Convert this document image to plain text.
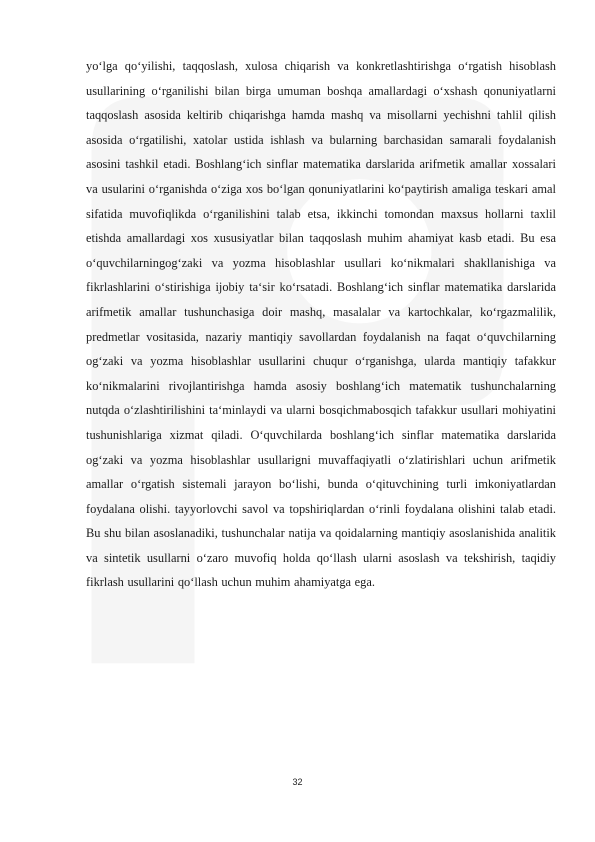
yo‘lga qo‘yilishi, taqqoslash, xulosa chiqarish va konkretlashtirishga o‘rgatish hisoblash usullarining o‘rganilishi bilan birga umuman boshqa amallardagi o‘xshash qonuniyatlarni taqqoslash asosida keltirib chiqarishga hamda mashq va misollarni yechishni tahlil qilish asosida o‘rgatilishi, xatolar ustida ishlash va bularning barchasidan samarali foydalanish asosini tashkil etadi. Boshlang‘ich sinflar matematika darslarida arifmetik amallar xossalari va usularini o‘rganishda o‘ziga xos bo‘lgan qonuniyatlarini ko‘paytirish amaliga teskari amal sifatida muvofiqlikda o‘rganilishini talab etsa, ikkinchi tomondan maxsus hollarni taxlil etishda amallardagi xos xususiyatlar bilan taqqoslash muhim ahamiyat kasb etadi. Bu esa o‘quvchilarningog‘zaki va yozma hisoblashlar usullari ko‘nikmalari shakllanishiga va fikrlashlarini o‘stirishiga ijobiy ta‘sir ko‘rsatadi. Boshlang‘ich sinflar matematika darslarida arifmetik amallar tushunchasiga doir mashq, masalalar va kartochkalar, ko‘rgazmalilik, predmetlar vositasida, nazariy mantiqiy savollardan foydalanish na faqat o‘quvchilarning og‘zaki va yozma hisoblashlar usullarini chuqur o‘rganishga, ularda mantiqiy tafakkur ko‘nikmalarini rivojlantirishga hamda asosiy boshlang‘ich matematik tushunchalarning nutqda o‘zlashtirilishini ta‘minlaydi va ularni bosqichmabosqich tafakkur usullari mohiyatini tushunishlariga xizmat qiladi. O‘quvchilarda boshlang‘ich sinflar matematika darslarida og‘zaki va yozma hisoblashlar usullarigni muvaffaqiyatli o‘zlatirishlari uchun arifmetik amallar o‘rgatish sistemali jarayon bo‘lishi, bunda o‘qituvchining turli imkoniyatlardan foydalana olishi. tayyorlovchi savol va topshiriqlardan o‘rinli foydalana olishini talab etadi. Bu shu bilan asoslanadiki, tushunchalar natija va qoidalarning mantiqiy asoslanishida analitik va sintetik usullarni o‘zaro muvofiq holda qo‘llash ularni asoslash va tekshirish, taqidiy fikrlash usullarini qo‘llash uchun muhim ahamiyatga ega.

32
